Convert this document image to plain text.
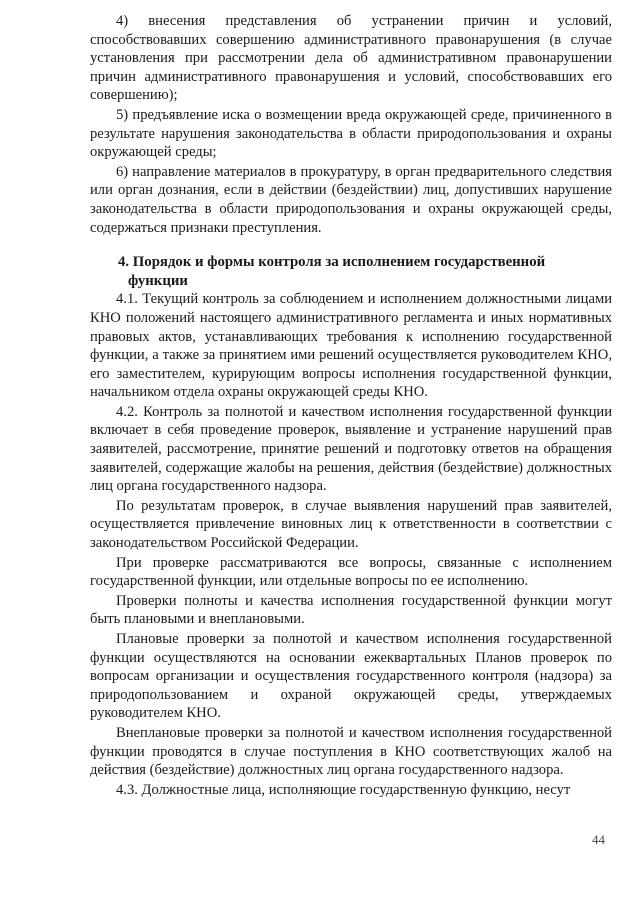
4) внесения представления об устранении причин и условий, способствовавших совершению административного правонарушения (в случае установления при рассмотрении дела об административном правонарушении причин административного правонарушения и условий, способствовавших его совершению);

5) предъявление иска о возмещении вреда окружающей среде, причиненного в результате нарушения законодательства в области природопользования и охраны окружающей среды;

6) направление материалов в прокуратуру, в орган предварительного следствия или орган дознания, если в действии (бездействии) лиц, допустивших нарушение законодательства в области природопользования и охраны окружающей среды, содержаться признаки преступления.

4. Порядок и формы контроля за исполнением государственной
функции

4.1. Текущий контроль за соблюдением и исполнением должностными лицами КНО положений настоящего административного регламента и иных нормативных правовых актов, устанавливающих требования к исполнению государственной функции, а также за принятием ими решений осуществляется руководителем КНО, его заместителем, курирующим вопросы исполнения государственной функции, начальником отдела охраны окружающей среды КНО.

4.2. Контроль за полнотой и качеством исполнения государственной функции включает в себя проведение проверок, выявление и устранение нарушений прав заявителей, рассмотрение, принятие решений и подготовку ответов на обращения заявителей, содержащие жалобы на решения, действия (бездействие) должностных лиц органа государственного надзора.

По результатам проверок, в случае выявления нарушений прав заявителей, осуществляется привлечение виновных лиц к ответственности в соответствии с законодательством Российской Федерации.

При проверке рассматриваются все вопросы, связанные с исполнением государственной функции, или отдельные вопросы по ее исполнению.

Проверки полноты и качества исполнения государственной функции могут быть плановыми и внеплановыми.

Плановые проверки за полнотой и качеством исполнения государственной функции осуществляются на основании ежеквартальных Планов проверок по вопросам организации и осуществления государственного контроля (надзора) за природопользованием и охраной окружающей среды, утверждаемых руководителем КНО.

Внеплановые проверки за полнотой и качеством исполнения государственной функции проводятся в случае поступления в КНО соответствующих жалоб на действия (бездействие) должностных лиц органа государственного надзора.

4.3. Должностные лица, исполняющие государственную функцию, несут

44
